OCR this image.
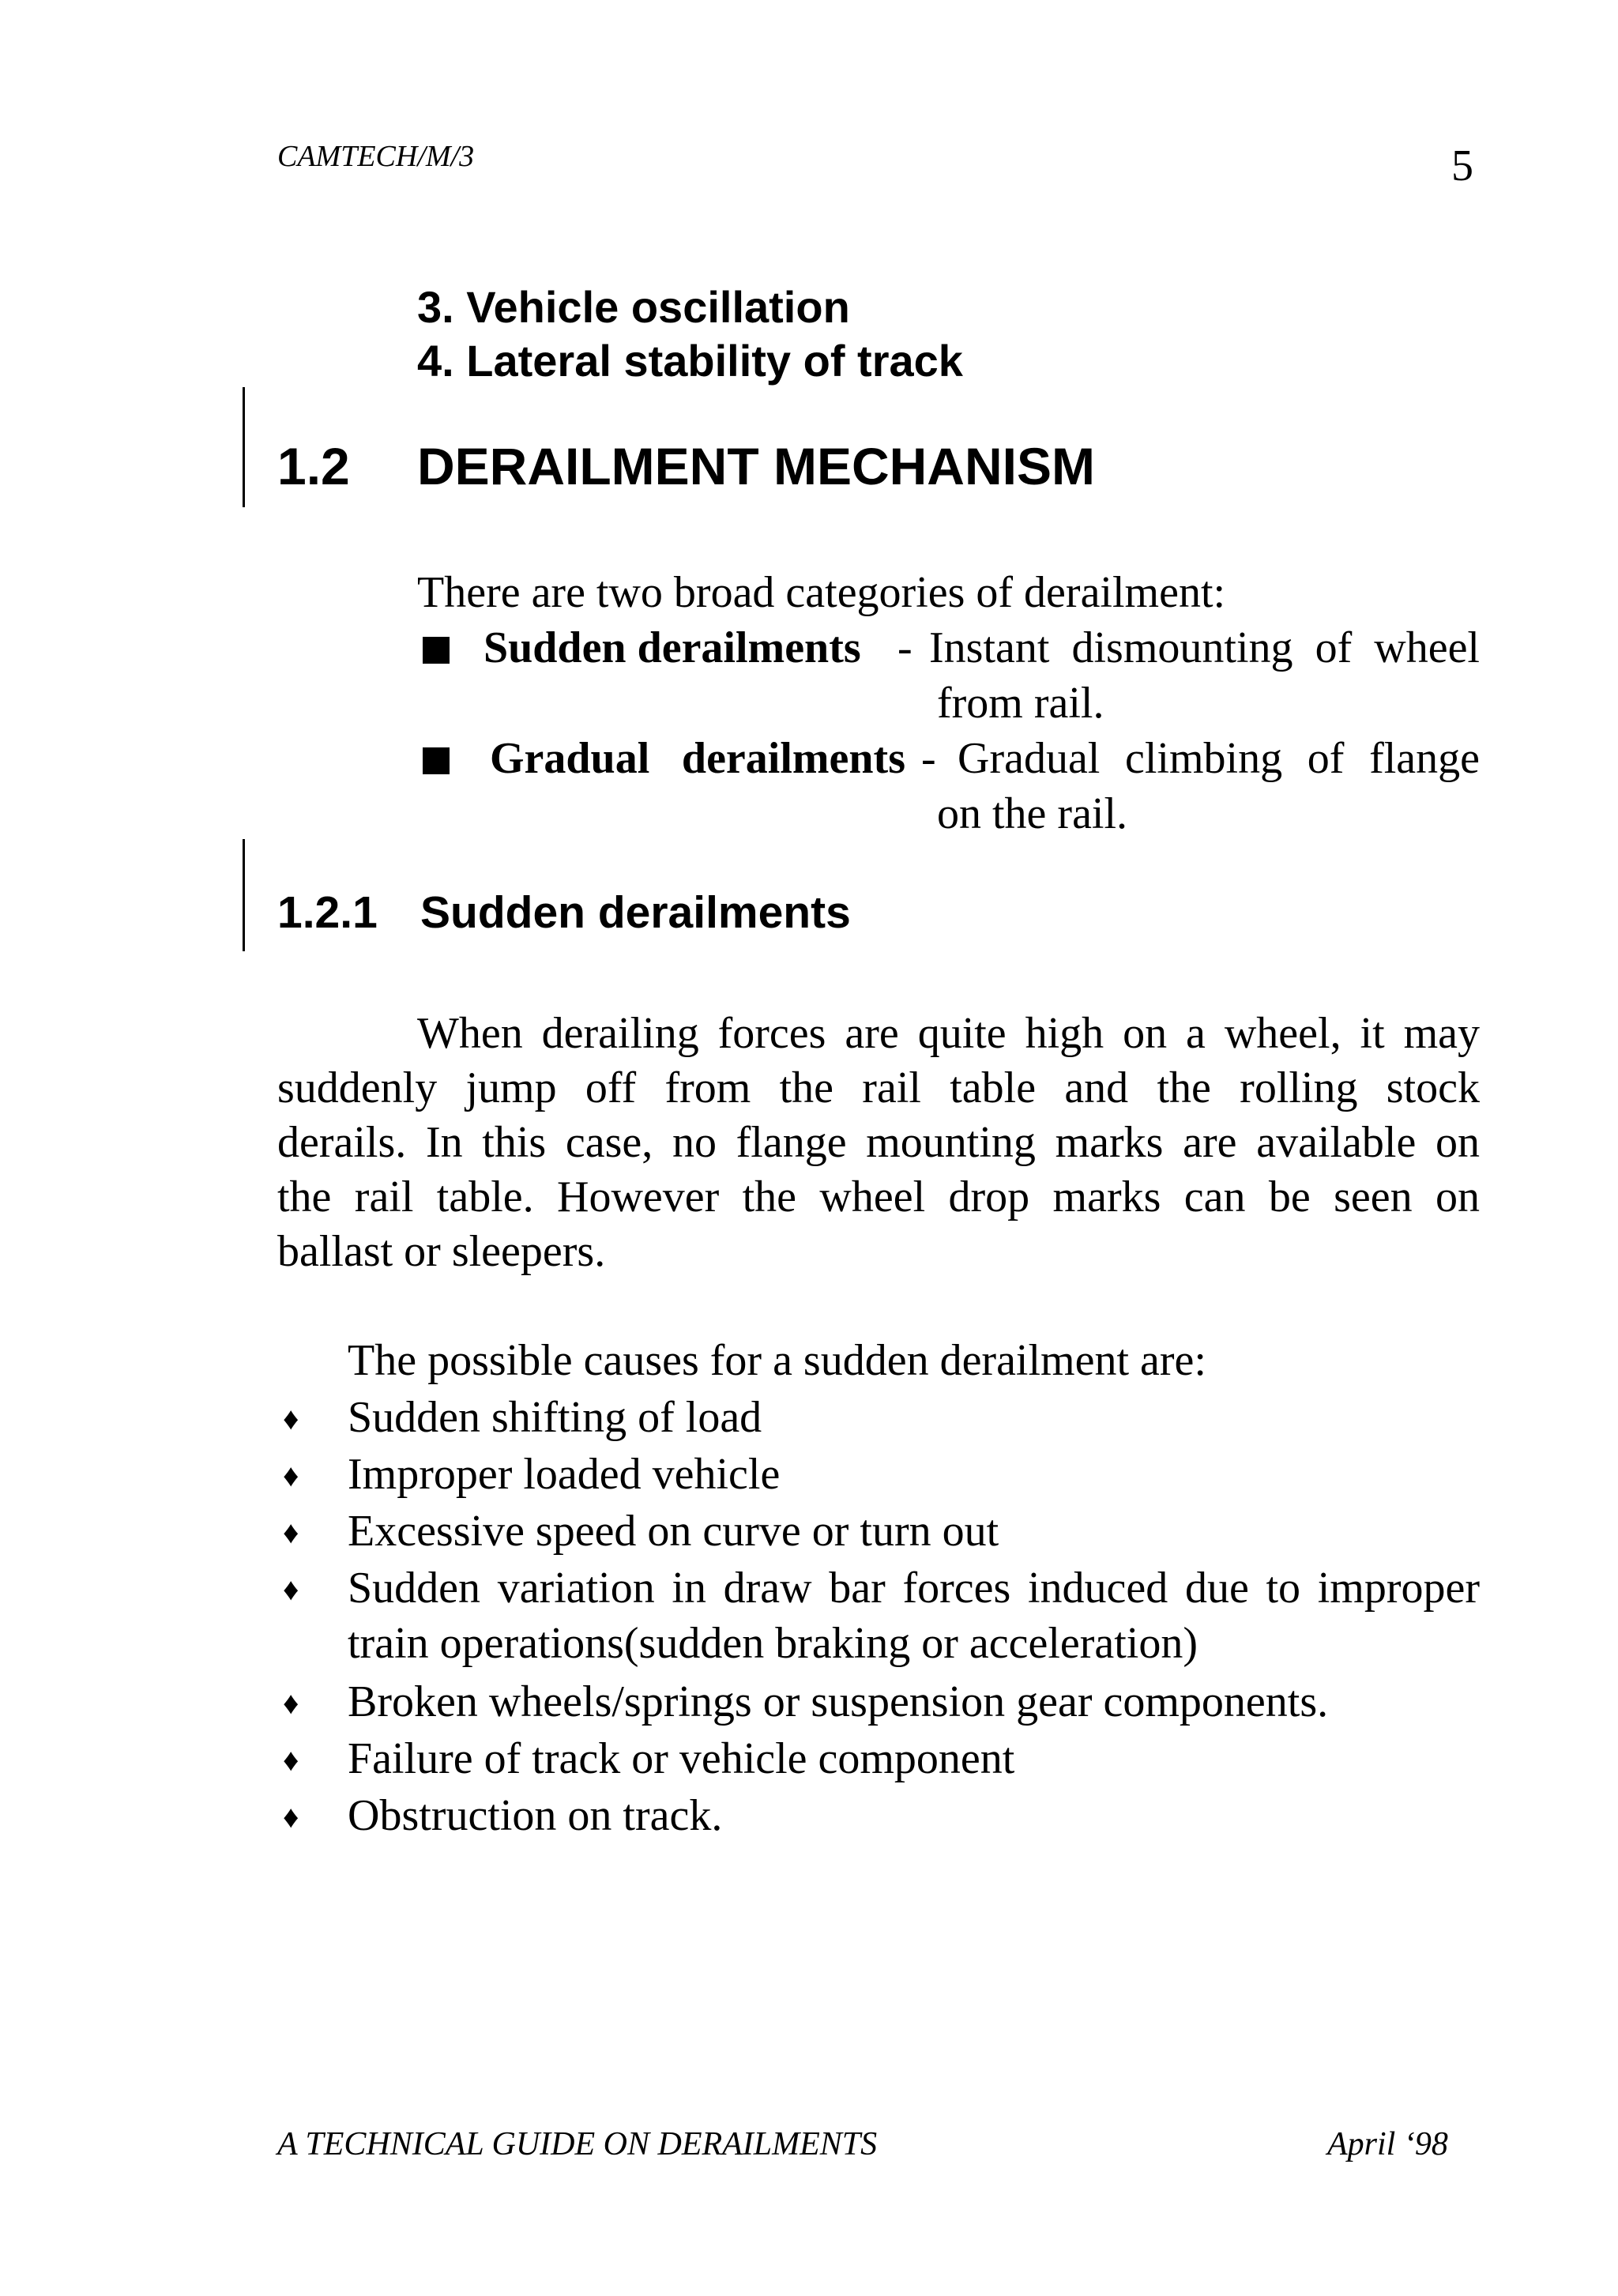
CAMTECH/M/3	5
3. Vehicle oscillation
4. Lateral stability of track
1.2 DERAILMENT MECHANISM
There are two broad categories of derailment:
Sudden derailments - Instant dismounting of wheel
from rail.
Gradual derailments - Gradual climbing of flange
on the rail.
1.2.1 Sudden derailments
When derailing forces are quite high on a wheel, it may
suddenly jump off from the rail table and the rolling stock
derails. In this case, no flange mounting marks are available on
the rail table. However the wheel drop marks can be seen on
ballast or sleepers.
The possible causes for a sudden derailment are:
♦ Sudden shifting of load
♦ Improper loaded vehicle
♦ Excessive speed on curve or turn out
♦ Sudden variation in draw bar forces induced due to improper
train operations(sudden braking or acceleration)
♦ Broken wheels/springs or suspension gear components.
♦ Failure of track or vehicle component
♦ Obstruction on track.
A TECHNICAL GUIDE ON DERAILMENTS	April ‘98
